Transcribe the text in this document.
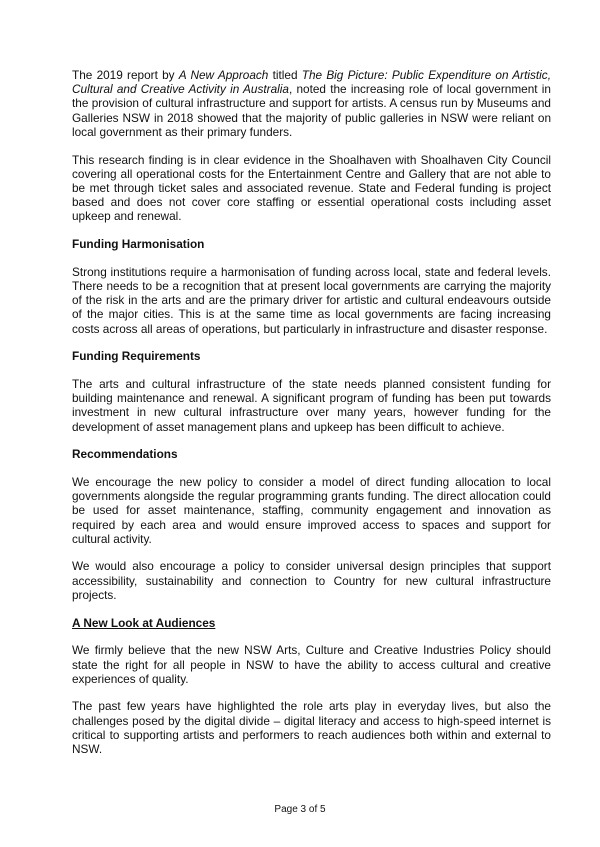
The 2019 report by A New Approach titled The Big Picture: Public Expenditure on Artistic, Cultural and Creative Activity in Australia, noted the increasing role of local government in the provision of cultural infrastructure and support for artists. A census run by Museums and Galleries NSW in 2018 showed that the majority of public galleries in NSW were reliant on local government as their primary funders.

This research finding is in clear evidence in the Shoalhaven with Shoalhaven City Council covering all operational costs for the Entertainment Centre and Gallery that are not able to be met through ticket sales and associated revenue. State and Federal funding is project based and does not cover core staffing or essential operational costs including asset upkeep and renewal.

Funding Harmonisation

Strong institutions require a harmonisation of funding across local, state and federal levels. There needs to be a recognition that at present local governments are carrying the majority of the risk in the arts and are the primary driver for artistic and cultural endeavours outside of the major cities. This is at the same time as local governments are facing increasing costs across all areas of operations, but particularly in infrastructure and disaster response.

Funding Requirements

The arts and cultural infrastructure of the state needs planned consistent funding for building maintenance and renewal. A significant program of funding has been put towards investment in new cultural infrastructure over many years, however funding for the development of asset management plans and upkeep has been difficult to achieve.

Recommendations

We encourage the new policy to consider a model of direct funding allocation to local governments alongside the regular programming grants funding. The direct allocation could be used for asset maintenance, staffing, community engagement and innovation as required by each area and would ensure improved access to spaces and support for cultural activity.

We would also encourage a policy to consider universal design principles that support accessibility, sustainability and connection to Country for new cultural infrastructure projects.

A New Look at Audiences

We firmly believe that the new NSW Arts, Culture and Creative Industries Policy should state the right for all people in NSW to have the ability to access cultural and creative experiences of quality.

The past few years have highlighted the role arts play in everyday lives, but also the challenges posed by the digital divide – digital literacy and access to high-speed internet is critical to supporting artists and performers to reach audiences both within and external to NSW.

Page 3 of 5
